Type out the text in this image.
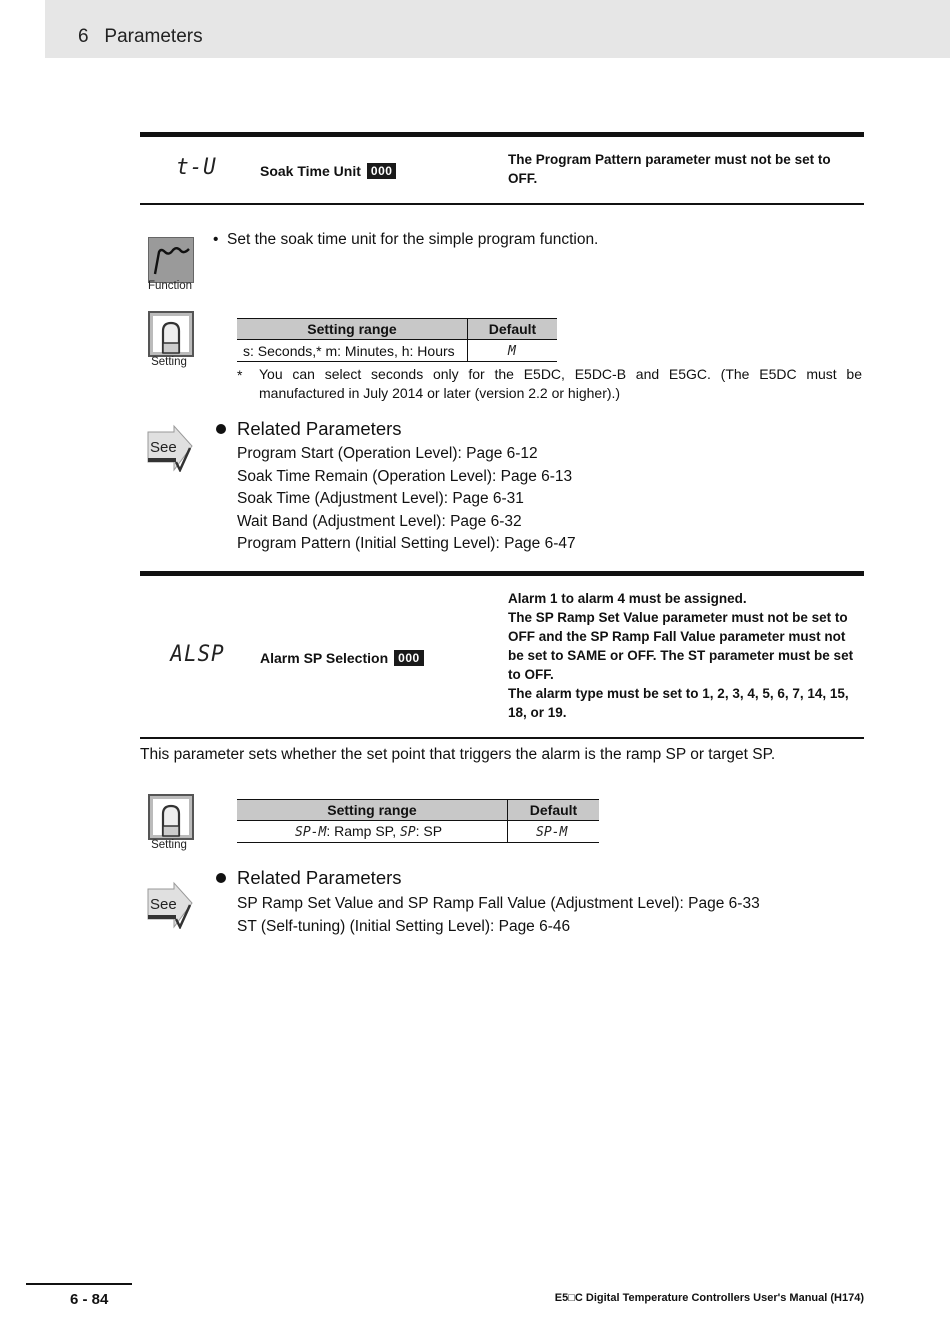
6   Parameters
t-U	Soak Time Unit 000
The Program Pattern parameter must not be set to OFF.
Function
•  Set the soak time unit for the simple program function.
Setting
Setting range	Default
s: Seconds,* m: Minutes, h: Hours	M
* You can select seconds only for the E5DC, E5DC-B and E5GC. (The E5DC must be manufactured in July 2014 or later (version 2.2 or higher).)
See
Related Parameters
Program Start (Operation Level): Page 6-12
Soak Time Remain (Operation Level): Page 6-13
Soak Time (Adjustment Level): Page 6-31
Wait Band (Adjustment Level): Page 6-32
Program Pattern (Initial Setting Level): Page 6-47
ALSP	Alarm SP Selection 000
Alarm 1 to alarm 4 must be assigned.
The SP Ramp Set Value parameter must not be set to OFF and the SP Ramp Fall Value parameter must not be set to SAME or OFF. The ST parameter must be set to OFF.
The alarm type must be set to 1, 2, 3, 4, 5, 6, 7, 14, 15, 18, or 19.
This parameter sets whether the set point that triggers the alarm is the ramp SP or target SP.
Setting
Setting range	Default
SP-M: Ramp SP, SP: SP	SP-M
See
Related Parameters
SP Ramp Set Value and SP Ramp Fall Value (Adjustment Level): Page 6-33
ST (Self-tuning) (Initial Setting Level): Page 6-46
6 - 84	E5□C Digital Temperature Controllers User's Manual (H174)
